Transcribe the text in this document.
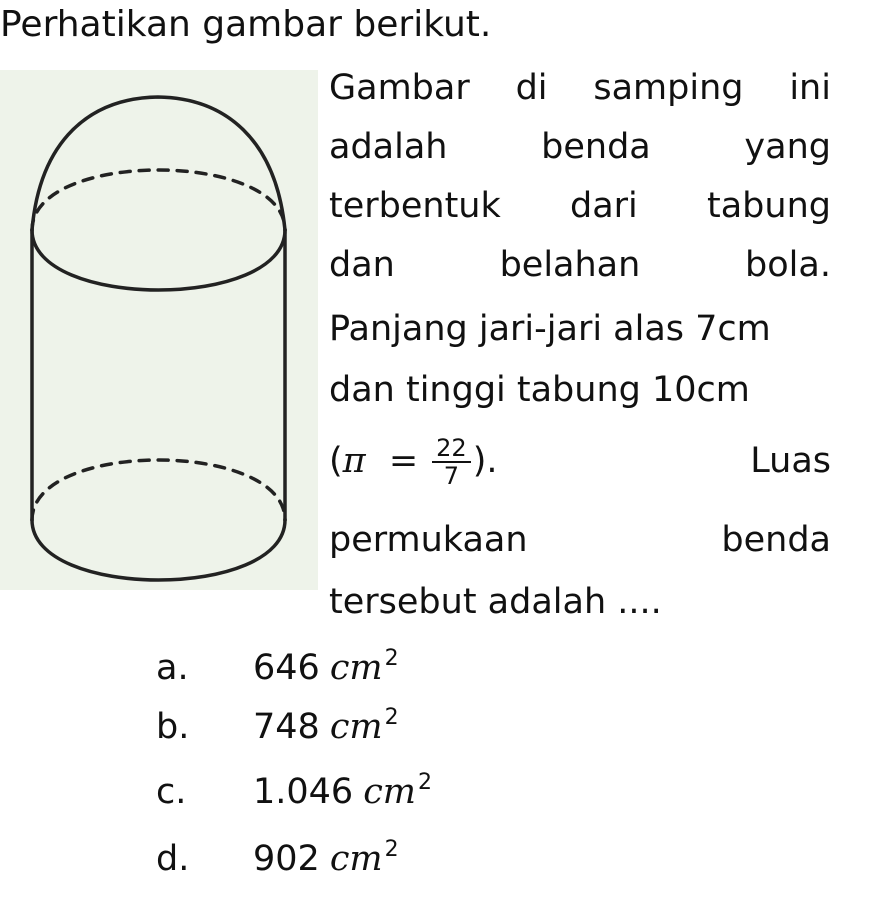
Perhatikan gambar berikut.
Gambar di samping ini
adalah	benda	yang
terbentuk dari tabung
dan	belahan	bola.
Panjang jari-jari alas 7cm
dan tinggi tabung 10cm
($\pi = \frac{22}{7}$ ).	Luas
permukaan	benda
tersebut adalah ....
a. 646 $cm^2$
b. 748 $cm^2$
c. 1.046 $cm^2$
d. 902 $cm^2$
